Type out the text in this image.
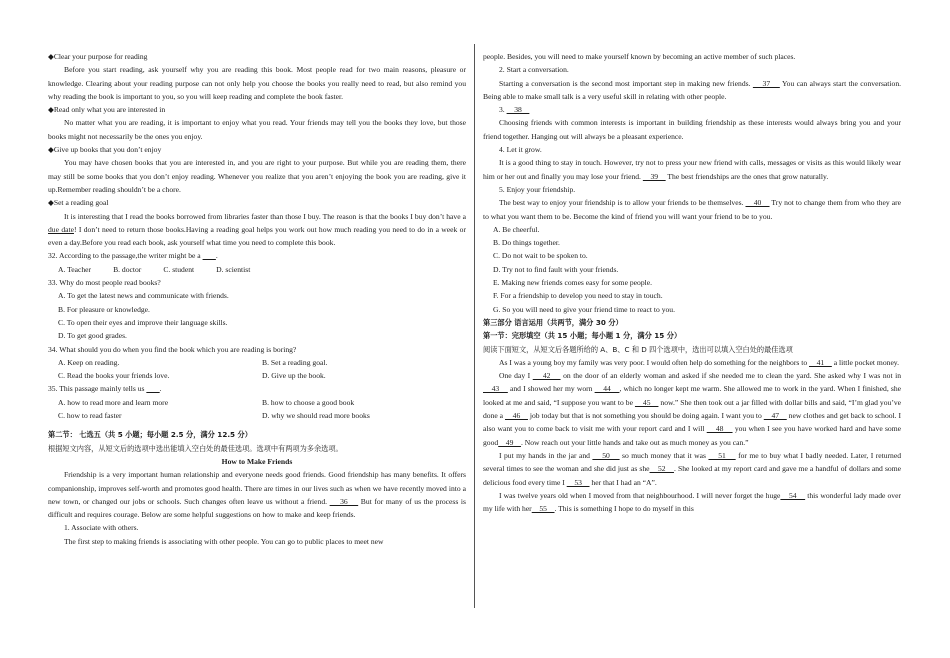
◆Clear your purpose for reading

Before you start reading, ask yourself why you are reading this book. Most people read for two main reasons, pleasure or knowledge. Clearing about your reading purpose can not only help you choose the books you really need to read, but also remind you why reading the book is important to you, so you will keep reading and complete the book faster.

◆Read only what you are interested in

No matter what you are reading, it is important to enjoy what you read. Your friends may tell you the books they love, but those books might not necessarily be the ones you enjoy.

◆Give up books that you don’t enjoy

You may have chosen books that you are interested in, and you are right to your purpose. But while you are reading them, there may still be some books that you don’t enjoy reading. Whenever you realize that you aren’t enjoying the book you are reading, give it up.Remember reading shouldn’t be a chore.

◆Set a reading goal

It is interesting that I read the books borrowed from libraries faster than those I buy. The reason is that the books I buy don’t have a due date! I don’t need to return those books.Having a reading goal helps you work out how much reading you need to do in a week or even a day.Before you read each book, ask yourself what time you need to complete this book.

32. According to the passage,the writer might be a        .

A. Teacher	B. doctor	C. student	D. scientist

33. Why do most people read books?

A. To get the latest news and communicate with friends.

B. For pleasure or knowledge.

C. To open their eyes and improve their language skills.

D. To get good grades.

34. What should you do when you find the book which you are reading is boring?

A. Keep on reading.	B. Set a reading goal.
C. Read the books your friends love.	D. Give up the book.

35. This passage mainly tells us        .

A. how to read more and learn more	B. how to choose a good book
C. how to read faster	D. why we should read more books

第二节： 七选五（共 5 小题；每小题 2.5 分，满分 12.5 分）

根据短文内容，从短文后的选项中选出能填入空白处的最佳选项。选项中有两项为多余选项。

How to Make Friends

Friendship is a very important human relationship and everyone needs good friends. Good friendship has many benefits. It offers companionship, improves self-worth and promotes good health. There are times in our lives such as when we have recently moved into a new town, or changed our jobs or schools. Such changes often leave us without a friend.     36     But for many of us the process is difficult and requires courage. Below are some helpful suggestions on how to make and keep friends.

1. Associate with others.

The first step to making friends is associating with other people. You can go to public places to meet new

people. Besides, you will need to make yourself known by becoming an active member of such places.

2. Start a conversation.

Starting a conversation is the second most important step in making new friends.     37     You can always start the conversation. Being able to make small talk is a very useful skill in relating with other people.

3.     38

Choosing friends with common interests is important in building friendship as these interests would always bring you and your friend together. Hanging out will always be a pleasant experience.

4. Let it grow.

It is a good thing to stay in touch. However, try not to press your new friend with calls, messages or visits as this would likely wear him or her out and finally you may lose your friend.     39     The best friendships are the ones that grow naturally.

5. Enjoy your friendship.

The best way to enjoy your friendship is to allow your friends to be themselves.     40     Try not to change them from who they are to what you want them to be. Become the kind of friend you will want your friend to be to you.

A. Be cheerful.

B. Do things together.

C. Do not wait to be spoken to.

D. Try not to find fault with your friends.

E. Making new friends comes easy for some people.

F. For a friendship to develop you need to stay in touch.

G. So you will need to give your friend time to react to you.

第三部分 语言运用（共两节，满分 30 分）

第一节：完形填空（共 15 小题；每小题 1 分，满分 15 分）

阅读下面短文，从短文后各题所给的 A、B、C 和 D 四个选项中，选出可以填入空白处的最佳选项

As I was a young boy my family was very poor. I would often help do something for the neighbors to     41     a little pocket money.

One day I     42     on the door of an elderly woman and asked if she needed me to clean the yard. She asked why I was not in     43     and I showed her my worn     44    , which no longer kept me warm. She allowed me to work in the yard. When I finished, she looked at me and said, “I suppose you want to be     45     now.” She then took out a jar filled with dollar bills and said, “I’m glad you’ve done a     46     job today but that is not something you should be doing again. I want you to     47     new clothes and get back to school. I also want you to come back to visit me with your report card and I will     48     you when I see you have worked hard and have some good    49    . Now reach out your little hands and take out as much money as you can.”

I put my hands in the jar and     50     so much money that it was     51     for me to buy what I badly needed. Later, I returned several times to see the woman and she did just as she    52    . She looked at my report card and gave me a handful of dollars and some delicious food every time I     53     her that I had an “A”.

I was twelve years old when I moved from that neighbourhood. I will never forget the huge    54     this wonderful lady made over my life with her    55    . This is something I hope to do myself in this
